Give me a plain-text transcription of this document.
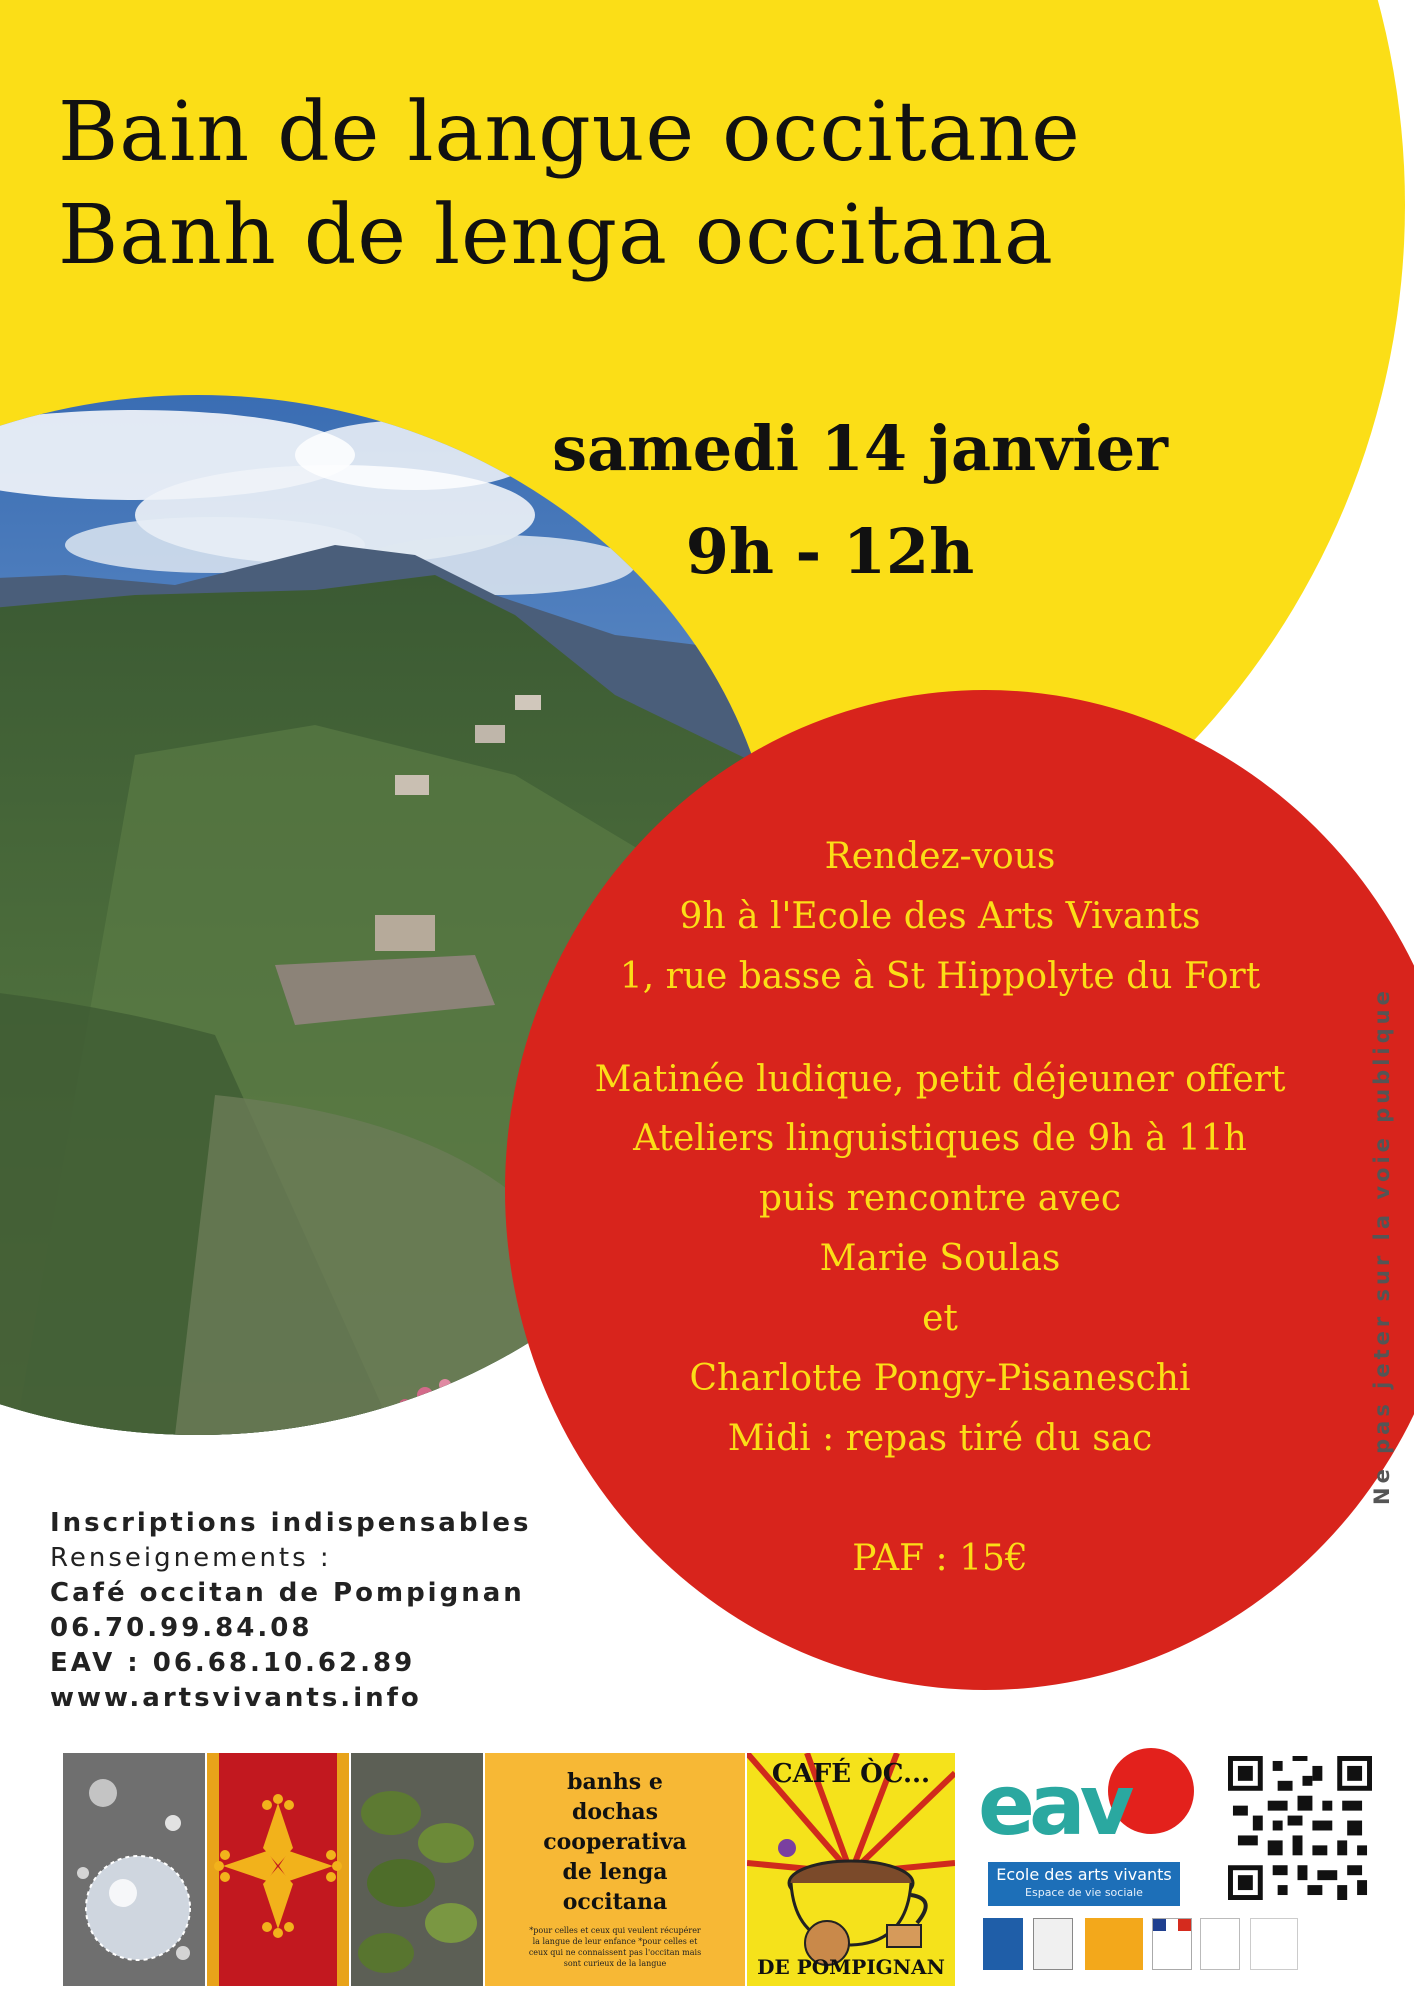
Bain de langue occitane
Banh de lenga occitana
samedi 14 janvier
9h - 12h
Rendez-vous
9h à l'Ecole des Arts Vivants
1, rue basse à St Hippolyte du Fort
Matinée ludique, petit déjeuner offert
Ateliers linguistiques de 9h à 11h
puis rencontre avec
Marie Soulas
et
Charlotte Pongy-Pisaneschi
Midi : repas tiré du sac
PAF : 15€
Ne pas jeter sur la voie publique
Inscriptions indispensables
Renseignements :
Café occitan de Pompignan
06.70.99.84.08
EAV : 06.68.10.62.89
www.artsvivants.info
banhs e
dochas
cooperativa
de lenga
occitana
*pour celles et ceux qui veulent récupérer la langue de leur enfance *pour celles et ceux qui ne connaissent pas l'occitan mais sont curieux de la langue
CAFÉ ÒC...
DE POMPIGNAN
eav
Ecole des arts vivants
Espace de vie sociale
